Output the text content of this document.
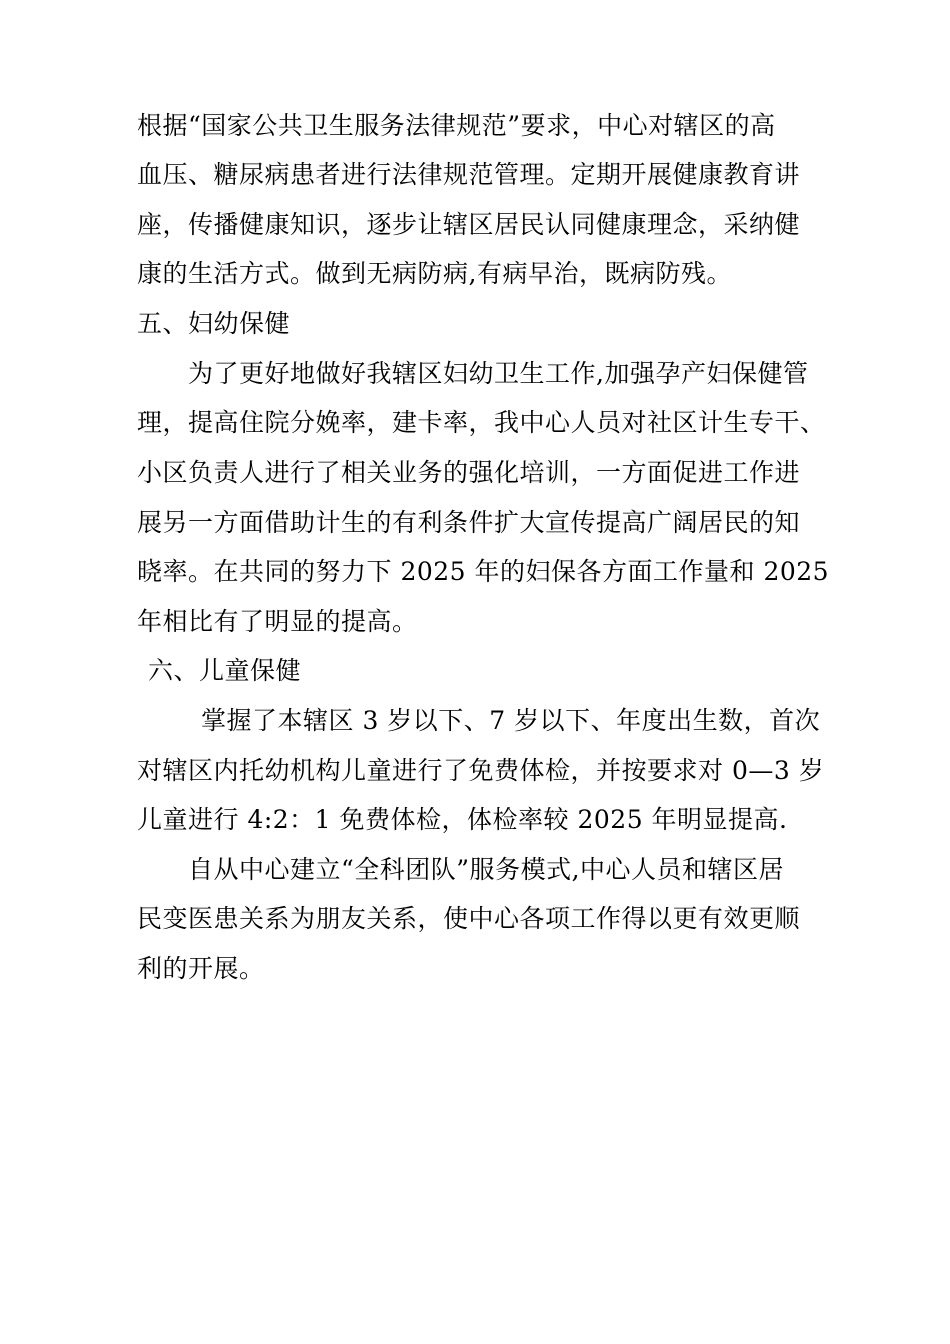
根据“国家公共卫生服务法律规范”要求，中心对辖区的高
血压、糖尿病患者进行法律规范管理。定期开展健康教育讲
座，传播健康知识，逐步让辖区居民认同健康理念，采纳健
康的生活方式。做到无病防病,有病早治，既病防残。
五、妇幼保健
为了更好地做好我辖区妇幼卫生工作,加强孕产妇保健管
理，提高住院分娩率，建卡率，我中心人员对社区计生专干、
小区负责人进行了相关业务的强化培训，一方面促进工作进
展另一方面借助计生的有利条件扩大宣传提高广阔居民的知
晓率。在共同的努力下 2025 年的妇保各方面工作量和 2025
年相比有了明显的提高。
六、儿童保健
掌握了本辖区 3 岁以下、7 岁以下、年度出生数，首次
对辖区内托幼机构儿童进行了免费体检，并按要求对 0—3 岁
儿童进行 4:2：1 免费体检，体检率较 2025 年明显提高.
自从中心建立“全科团队”服务模式,中心人员和辖区居
民变医患关系为朋友关系，使中心各项工作得以更有效更顺
利的开展。
